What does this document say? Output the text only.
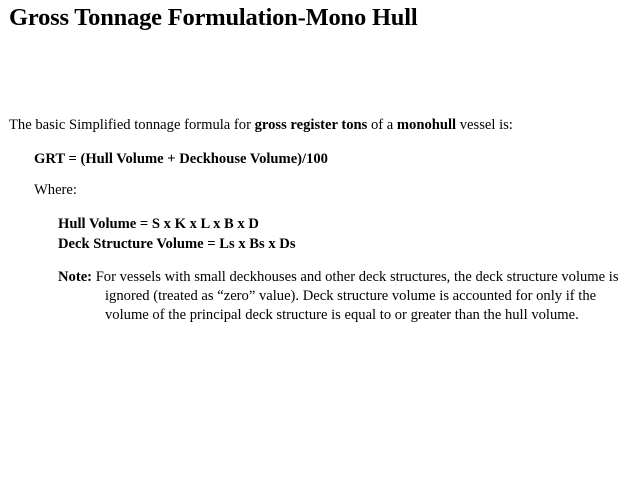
Gross Tonnage Formulation-Mono Hull
The basic Simplified tonnage formula for gross register tons of a monohull vessel is:
GRT = (Hull Volume + Deckhouse Volume)/100
Where:
Hull Volume = S x K x L x B x D
Deck Structure Volume = Ls x Bs x Ds
Note: For vessels with small deckhouses and other deck structures, the deck structure volume is ignored (treated as “zero” value). Deck structure volume is accounted for only if the volume of the principal deck structure is equal to or greater than the hull volume.
